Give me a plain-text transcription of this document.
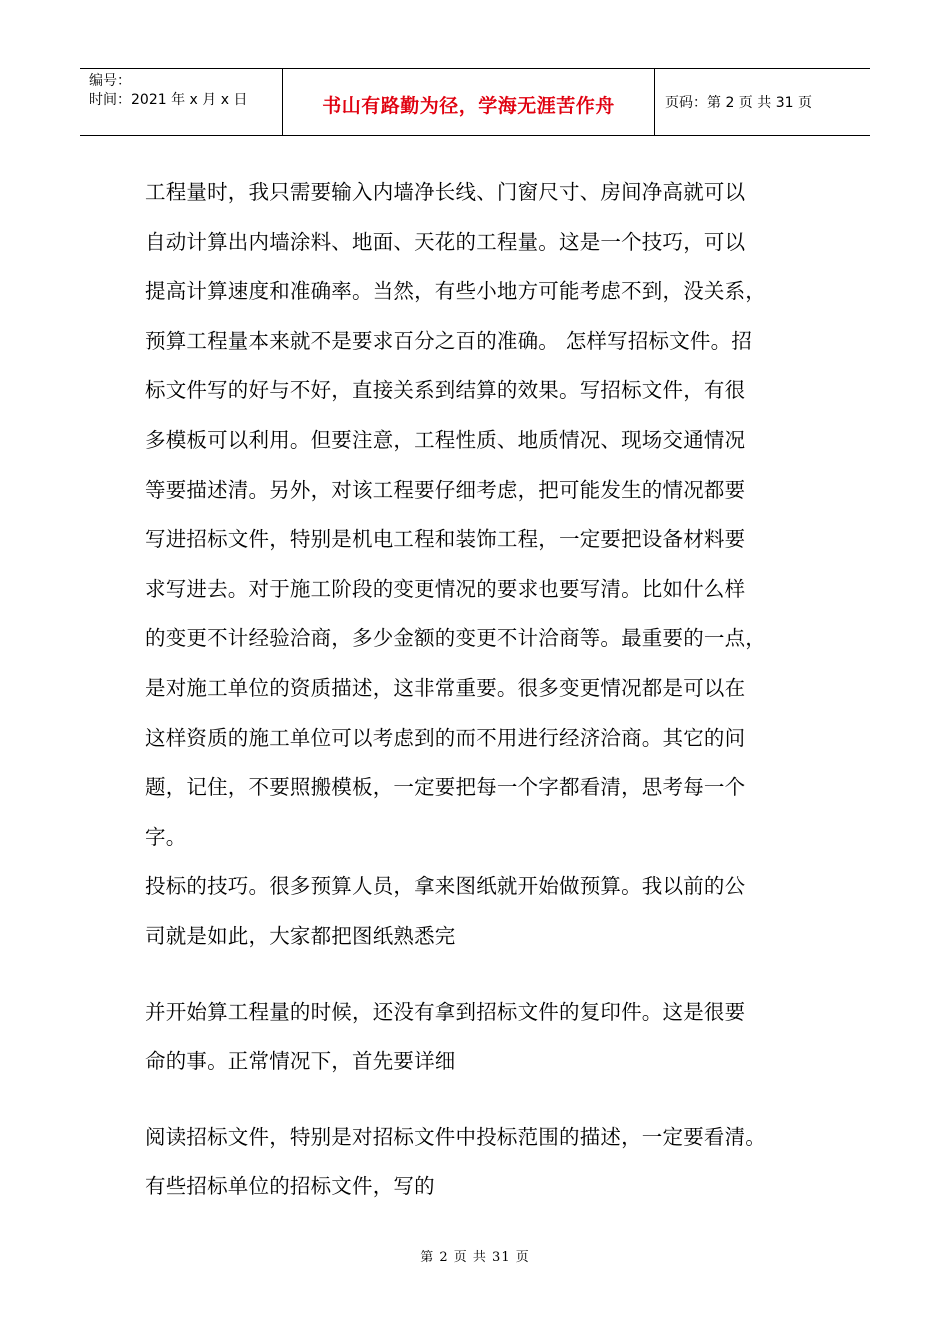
编号：
时间：2021 年 x 月 x 日	书山有路勤为径，学海无涯苦作舟	页码：第 2 页 共 31 页
工程量时，我只需要输入内墙净长线、门窗尺寸、房间净高就可以
自动计算出内墙涂料、地面、天花的工程量。这是一个技巧，可以
提高计算速度和准确率。当然，有些小地方可能考虑不到，没关系，
预算工程量本来就不是要求百分之百的准确。 怎样写招标文件。招
标文件写的好与不好，直接关系到结算的效果。写招标文件，有很
多模板可以利用。但要注意，工程性质、地质情况、现场交通情况
等要描述清。另外，对该工程要仔细考虑，把可能发生的情况都要
写进招标文件，特别是机电工程和装饰工程，一定要把设备材料要
求写进去。对于施工阶段的变更情况的要求也要写清。比如什么样
的变更不计经验洽商，多少金额的变更不计洽商等。最重要的一点，
是对施工单位的资质描述，这非常重要。很多变更情况都是可以在
这样资质的施工单位可以考虑到的而不用进行经济洽商。其它的问
题，记住，不要照搬模板，一定要把每一个字都看清，思考每一个
字。
投标的技巧。很多预算人员，拿来图纸就开始做预算。我以前的公
司就是如此，大家都把图纸熟悉完
并开始算工程量的时候，还没有拿到招标文件的复印件。这是很要
命的事。正常情况下，首先要详细
阅读招标文件，特别是对招标文件中投标范围的描述，一定要看清。
有些招标单位的招标文件，写的
第 2 页 共 31 页
